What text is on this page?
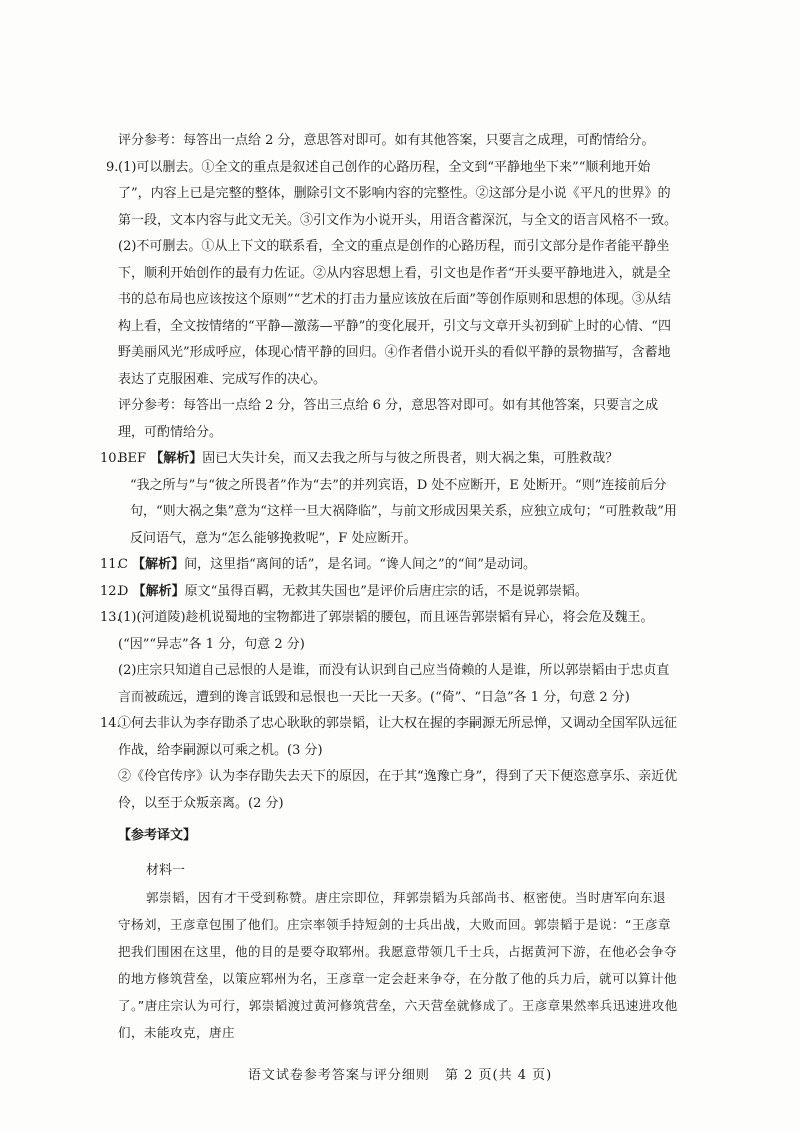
评分参考：每答出一点给 2 分，意思答对即可。如有其他答案，只要言之成理，可酌情给分。

9. (1)可以删去。①全文的重点是叙述自己创作的心路历程，全文到“平静地坐下来”“顺利地开始了”，内容上已是完整的整体，删除引文不影响内容的完整性。②这部分是小说《平凡的世界》的第一段，文本内容与此文无关。③引文作为小说开头，用语含蓄深沉，与全文的语言风格不一致。

(2)不可删去。①从上下文的联系看，全文的重点是创作的心路历程，而引文部分是作者能平静坐下，顺利开始创作的最有力佐证。②从内容思想上看，引文也是作者“开头要平静地进入，就是全书的总布局也应该按这个原则”“艺术的打击力量应该放在后面”等创作原则和思想的体现。③从结构上看，全文按情绪的“平静—激荡—平静”的变化展开，引文与文章开头初到矿上时的心情、“四野美丽风光”形成呼应，体现心情平静的回归。④作者借小说开头的看似平静的景物描写，含蓄地表达了克服困难、完成写作的决心。

评分参考：每答出一点给 2 分，答出三点给 6 分，意思答对即可。如有其他答案，只要言之成理，可酌情给分。

10.

BEF 【解析】固已大失计矣，而又去我之所与与彼之所畏者，则大祸之集，可胜救哉？

“我之所与”与“彼之所畏者”作为“去”的并列宾语，D 处不应断开，E 处断开。“则”连接前后分句，“则大祸之集”意为“这样一旦大祸降临”，与前文形成因果关系，应独立成句；“可胜救哉”用反问语气，意为“怎么能够挽救呢”，F 处应断开。

11.

C 【解析】间，这里指“离间的话”，是名词。“谗人间之”的“间”是动词。

12.

D 【解析】原文“虽得百羁，无救其失国也”是评价后唐庄宗的话，不是说郭崇韬。

13.

(1)(河道陵)趁机说蜀地的宝物都进了郭崇韬的腰包，而且诬告郭崇韬有异心，将会危及魏王。(“因”“异志”各 1 分，句意 2 分)

(2)庄宗只知道自己忌恨的人是谁，而没有认识到自己应当倚赖的人是谁，所以郭崇韬由于忠贞直言而被疏远，遭到的谗言诋毁和忌恨也一天比一天多。(“倚”、“日急”各 1 分，句意 2 分)

14.

①何去非认为李存勖杀了忠心耿耿的郭崇韬，让大权在握的李嗣源无所忌惮，又调动全国军队远征作战，给李嗣源以可乘之机。(3 分)

②《伶官传序》认为李存勖失去天下的原因，在于其“逸豫亡身”，得到了天下便恣意享乐、亲近优伶，以至于众叛亲离。(2 分)

【参考译文】

材料一

郭崇韬，因有才干受到称赞。唐庄宗即位，拜郭崇韬为兵部尚书、枢密使。当时唐军向东退守杨刘，王彦章包围了他们。庄宗率领手持短剑的士兵出战，大败而回。郭崇韬于是说：“王彦章把我们围困在这里，他的目的是要夺取郓州。我愿意带领几千士兵，占据黄河下游，在他必会争夺的地方修筑营垒，以策应郓州为名，王彦章一定会赶来争夺，在分散了他的兵力后，就可以算计他了。”唐庄宗认为可行，郭崇韬渡过黄河修筑营垒，六天营垒就修成了。王彦章果然率兵迅速进攻他们，未能攻克，唐庄

语文试卷参考答案与评分细则 第 2 页(共 4 页)
